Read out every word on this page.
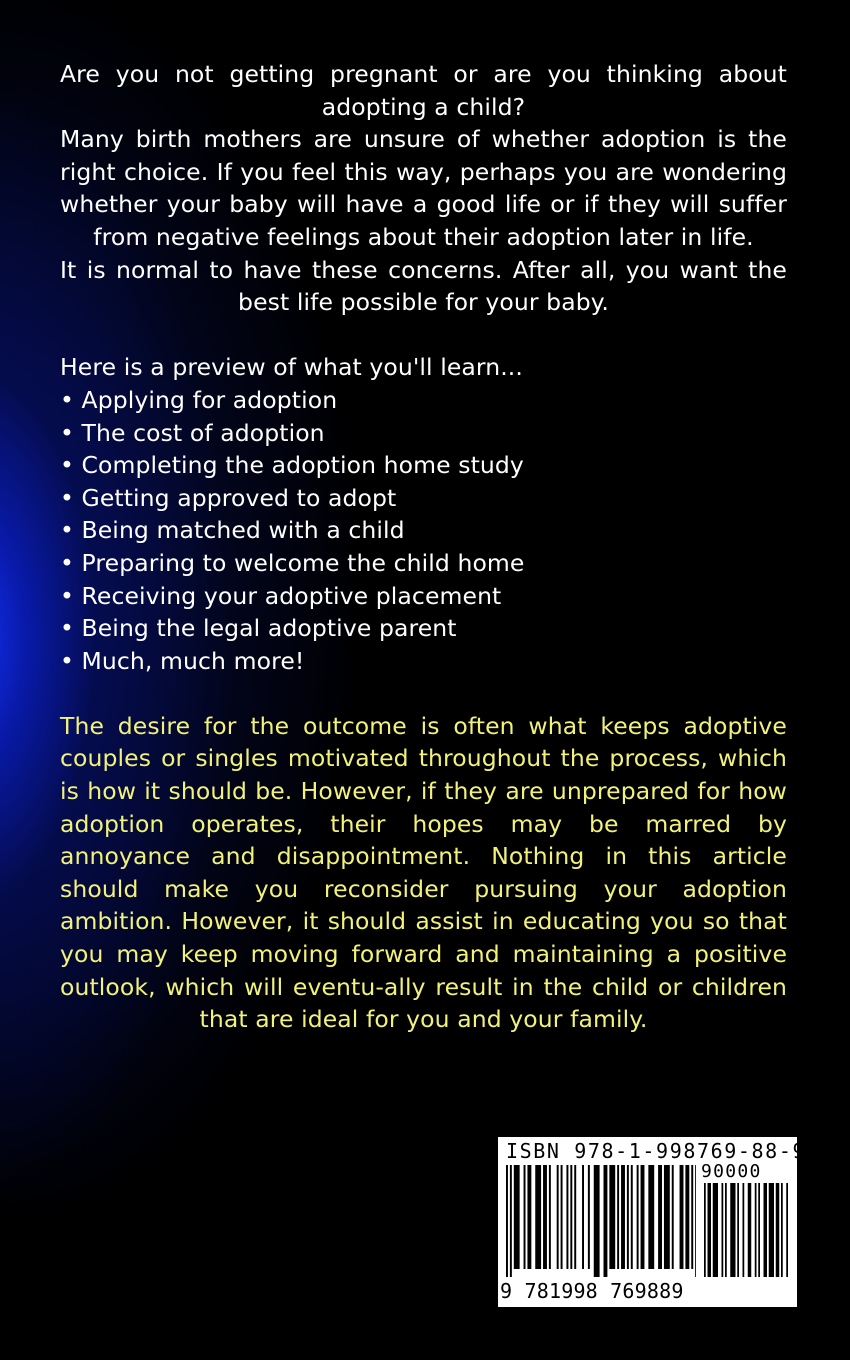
Are you not getting pregnant or are you thinking about adopting a child?

Many birth mothers are unsure of whether adoption is the right choice. If you feel this way, perhaps you are wondering whether your baby will have a good life or if they will suffer from negative feelings about their adoption later in life.

It is normal to have these concerns. After all, you want the best life possible for your baby.

Here is a preview of what you'll learn...

• Applying for adoption
• The cost of adoption
• Completing the adoption home study
• Getting approved to adopt
• Being matched with a child
• Preparing to welcome the child home
• Receiving your adoptive placement
• Being the legal adoptive parent
• Much, much more!

The desire for the outcome is often what keeps adoptive couples or singles motivated throughout the process, which is how it should be. However, if they are unprepared for how adoption operates, their hopes may be marred by annoyance and disappointment. Nothing in this article should make you reconsider pursuing your adoption ambition. However, it should assist in educating you so that you may keep moving forward and maintaining a positive outlook, which will eventu-ally result in the child or children that are ideal for you and your family.

ISBN 978-1-998769-88-9
90000
9 781998 769889
